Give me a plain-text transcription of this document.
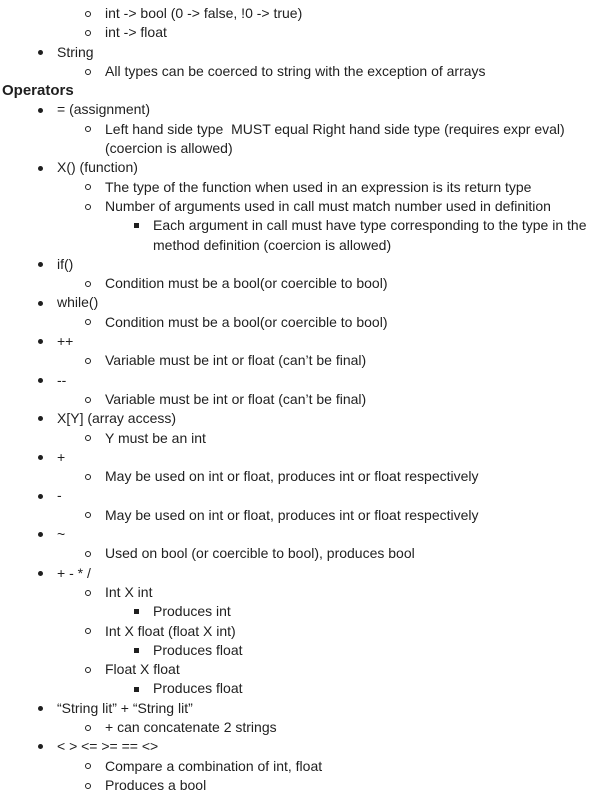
int -> bool (0 -> false, !0 -> true)
int -> float
String
All types can be coerced to string with the exception of arrays
Operators
= (assignment)
Left hand side type  MUST equal Right hand side type (requires expr eval) (coercion is allowed)
X() (function)
The type of the function when used in an expression is its return type
Number of arguments used in call must match number used in definition
Each argument in call must have type corresponding to the type in the method definition (coercion is allowed)
if()
Condition must be a bool(or coercible to bool)
while()
Condition must be a bool(or coercible to bool)
++
Variable must be int or float (can’t be final)
--
Variable must be int or float (can’t be final)
X[Y] (array access)
Y must be an int
+
May be used on int or float, produces int or float respectively
-
May be used on int or float, produces int or float respectively
~
Used on bool (or coercible to bool), produces bool
+ - * /
Int X int
Produces int
Int X float (float X int)
Produces float
Float X float
Produces float
“String lit” + “String lit”
+ can concatenate 2 strings
< > <= >= == <>
Compare a combination of int, float
Produces a bool
